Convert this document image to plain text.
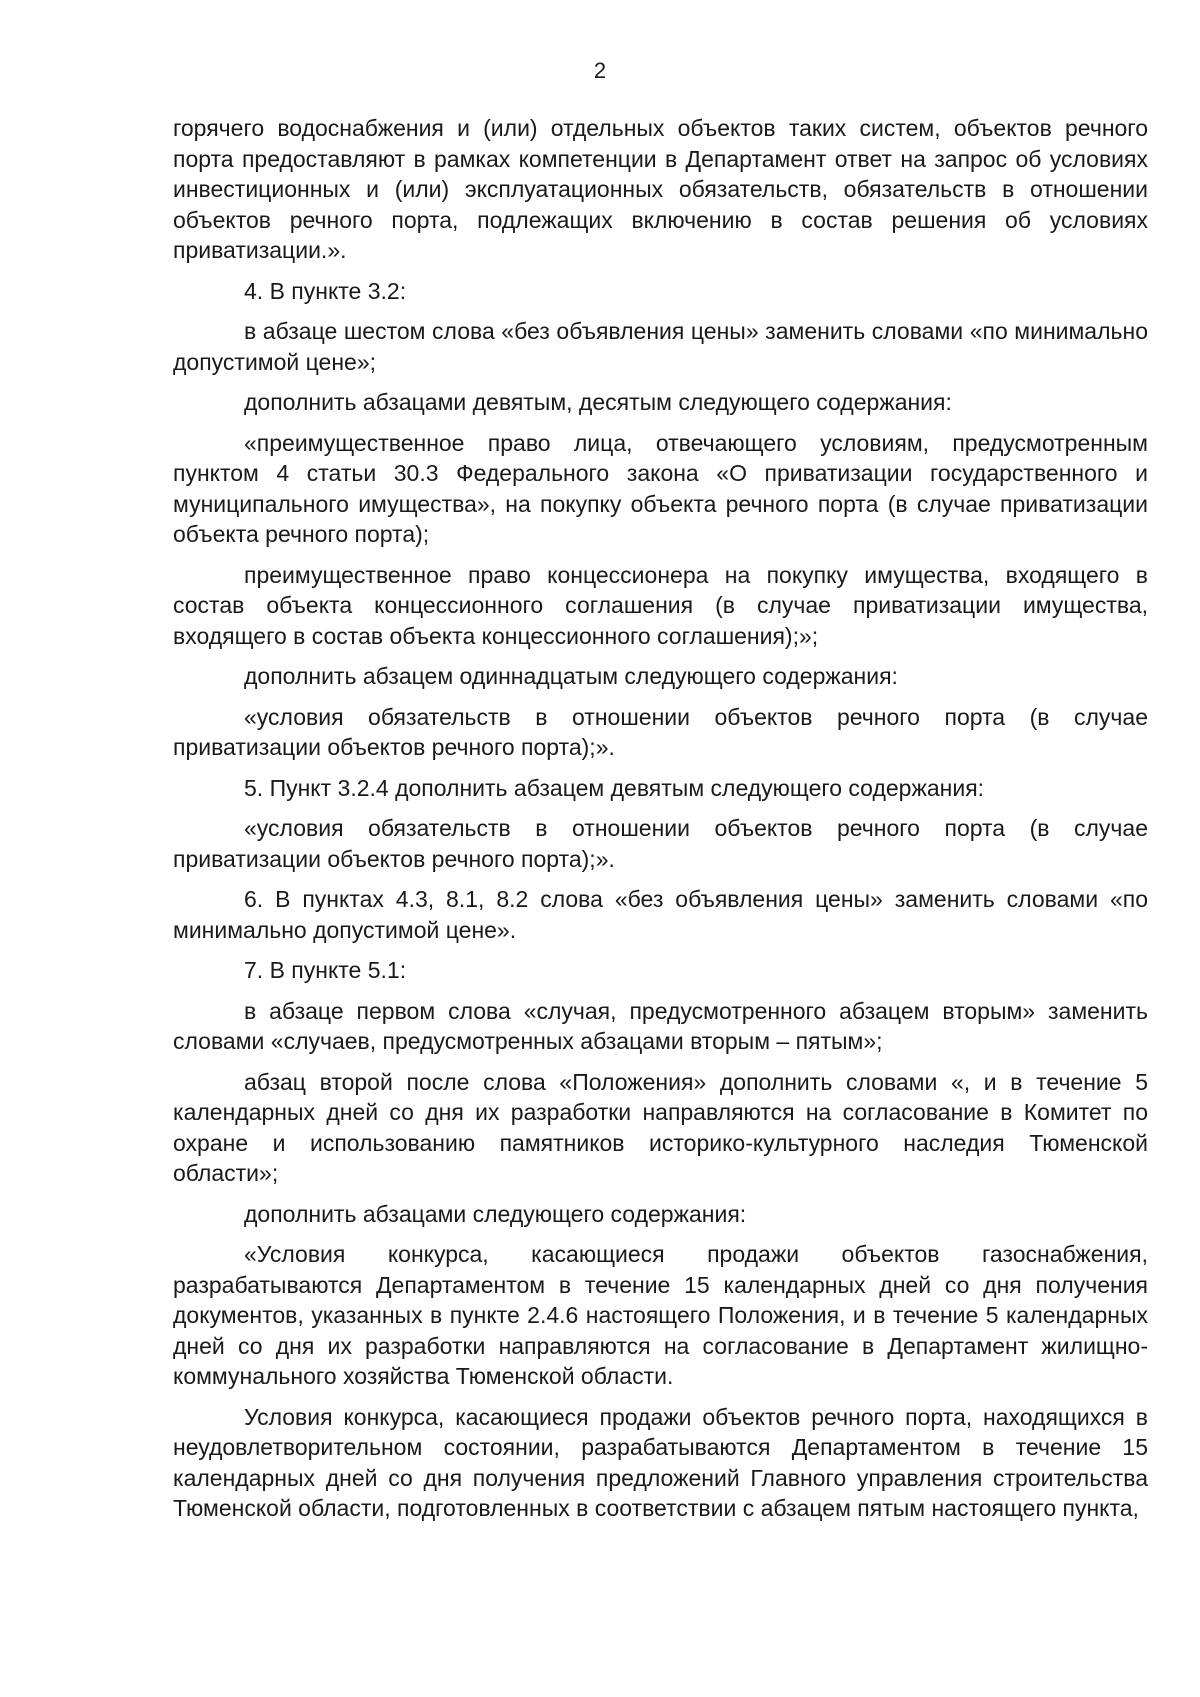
2

горячего водоснабжения и (или) отдельных объектов таких систем, объектов речного порта предоставляют в рамках компетенции в Департамент ответ на запрос об условиях инвестиционных и (или) эксплуатационных обязательств, обязательств в отношении объектов речного порта, подлежащих включению в состав решения об условиях приватизации.».

4. В пункте 3.2:

в абзаце шестом слова «без объявления цены» заменить словами «по минимально допустимой цене»;

дополнить абзацами девятым, десятым следующего содержания:

«преимущественное право лица, отвечающего условиям, предусмотренным пунктом 4 статьи 30.3 Федерального закона «О приватизации государственного и муниципального имущества», на покупку объекта речного порта (в случае приватизации объекта речного порта);

преимущественное право концессионера на покупку имущества, входящего в состав объекта концессионного соглашения (в случае приватизации имущества, входящего в состав объекта концессионного соглашения);»;

дополнить абзацем одиннадцатым следующего содержания:

«условия обязательств в отношении объектов речного порта (в случае приватизации объектов речного порта);».

5. Пункт 3.2.4 дополнить абзацем девятым следующего содержания:

«условия обязательств в отношении объектов речного порта (в случае приватизации объектов речного порта);».

6. В пунктах 4.3, 8.1, 8.2 слова «без объявления цены» заменить словами «по минимально допустимой цене».

7. В пункте 5.1:

в абзаце первом слова «случая, предусмотренного абзацем вторым» заменить словами «случаев, предусмотренных абзацами вторым – пятым»;

абзац второй после слова «Положения» дополнить словами «, и в течение 5 календарных дней со дня их разработки направляются на согласование в Комитет по охране и использованию памятников историко-культурного наследия Тюменской области»;

дополнить абзацами следующего содержания:

«Условия конкурса, касающиеся продажи объектов газоснабжения, разрабатываются Департаментом в течение 15 календарных дней со дня получения документов, указанных в пункте 2.4.6 настоящего Положения, и в течение 5 календарных дней со дня их разработки направляются на согласование в Департамент жилищно-коммунального хозяйства Тюменской области.

Условия конкурса, касающиеся продажи объектов речного порта, находящихся в неудовлетворительном состоянии, разрабатываются Департаментом в течение 15 календарных дней со дня получения предложений Главного управления строительства Тюменской области, подготовленных в соответствии с абзацем пятым настоящего пункта,
